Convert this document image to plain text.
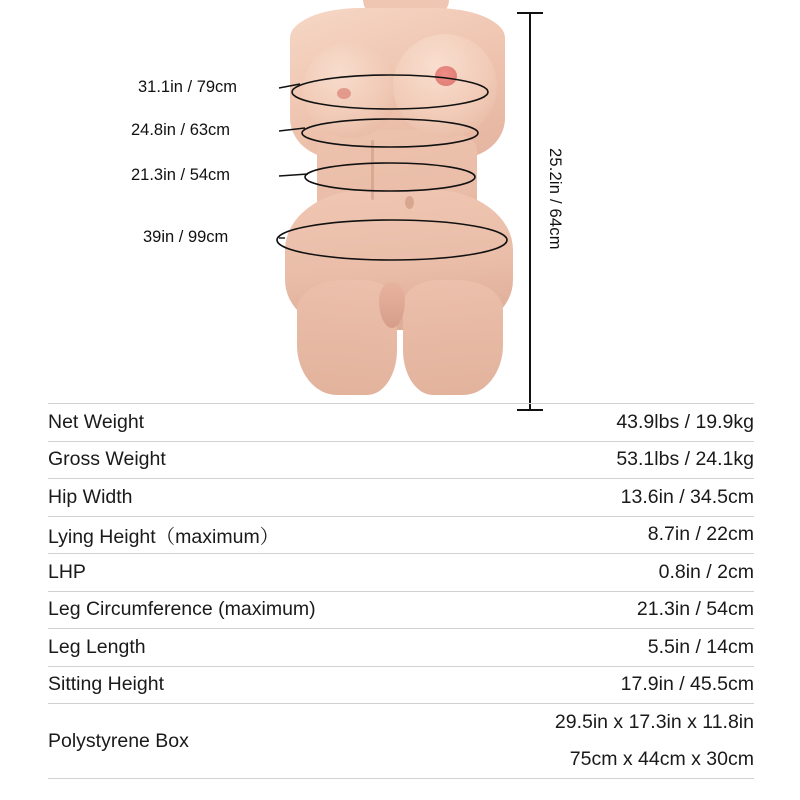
31.1in / 79cm
24.8in / 63cm
21.3in / 54cm
39in / 99cm	25.2in / 64cm
Net Weight	43.9lbs / 19.9kg
Gross Weight	53.1lbs / 24.1kg
Hip Width	13.6in / 34.5cm
Lying Height（maximum）	8.7in / 22cm
LHP	0.8in / 2cm
Leg Circumference (maximum)	21.3in / 54cm
Leg Length	5.5in / 14cm
Sitting Height	17.9in / 45.5cm
Polystyrene Box	29.5in x 17.3in x 11.8in
75cm x 44cm x 30cm
